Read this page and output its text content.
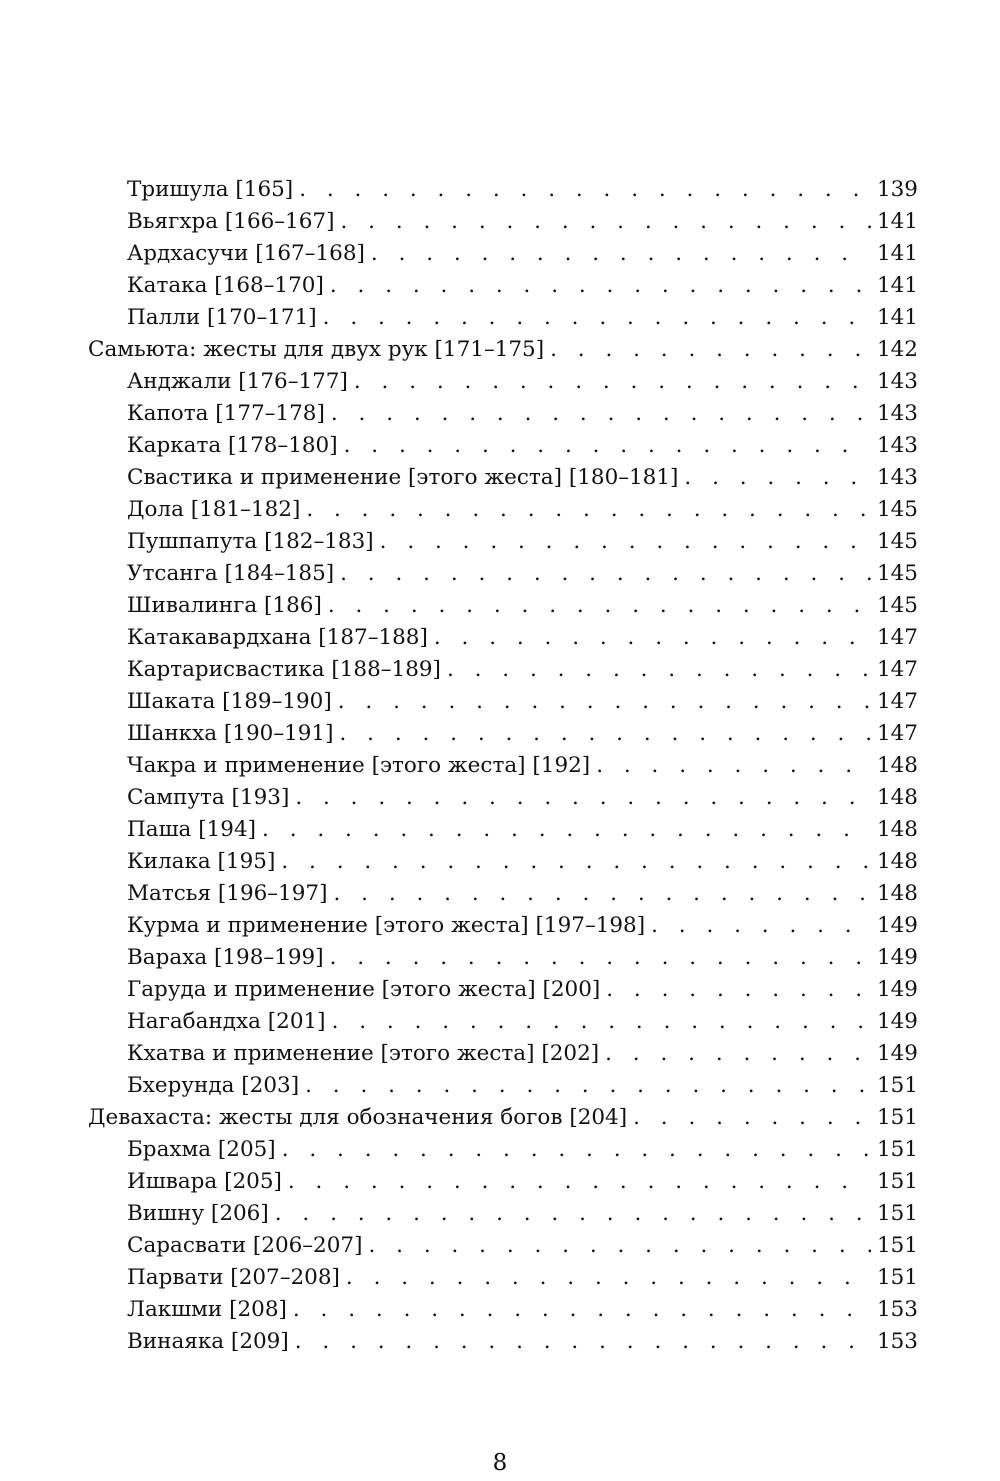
Тришула [165] . . .	139
Вьягхра [166–167] . . .	141
Ардхасучи [167–168] . . .	141
Катака [168–170] . . .	141
Палли [170–171] . . .	141
Самьюта: жесты для двух рук [171–175] . . .	142
Анджали [176–177] . . .	143
Капота [177–178] . . .	143
Карката [178–180] . . .	143
Свастика и применение [этого жеста] [180–181] . . .	143
Дола [181–182] . . .	145
Пушпапута [182–183] . . .	145
Утсанга [184–185] . . .	145
Шивалинга [186] . . .	145
Катакавардхана [187–188] . . .	147
Картарисвастика [188–189] . . .	147
Шаката [189–190] . . .	147
Шанкха [190–191] . . .	147
Чакра и применение [этого жеста] [192] . . .	148
Сампута [193] . . .	148
Паша [194] . . .	148
Килака [195] . . .	148
Матсья [196–197] . . .	148
Курма и применение [этого жеста] [197–198] . . .	149
Вараха [198–199] . . .	149
Гаруда и применение [этого жеста] [200] . . .	149
Нагабандха [201] . . .	149
Кхатва и применение [этого жеста] [202] . . .	149
Бхерунда [203] . . .	151
Девахаста: жесты для обозначения богов [204] . . .	151
Брахма [205] . . .	151
Ишвара [205] . . .	151
Вишну [206] . . .	151
Сарасвати [206–207] . . .	151
Парвати [207–208] . . .	151
Лакшми [208] . . .	153
Винаяка [209] . . .	153
8
